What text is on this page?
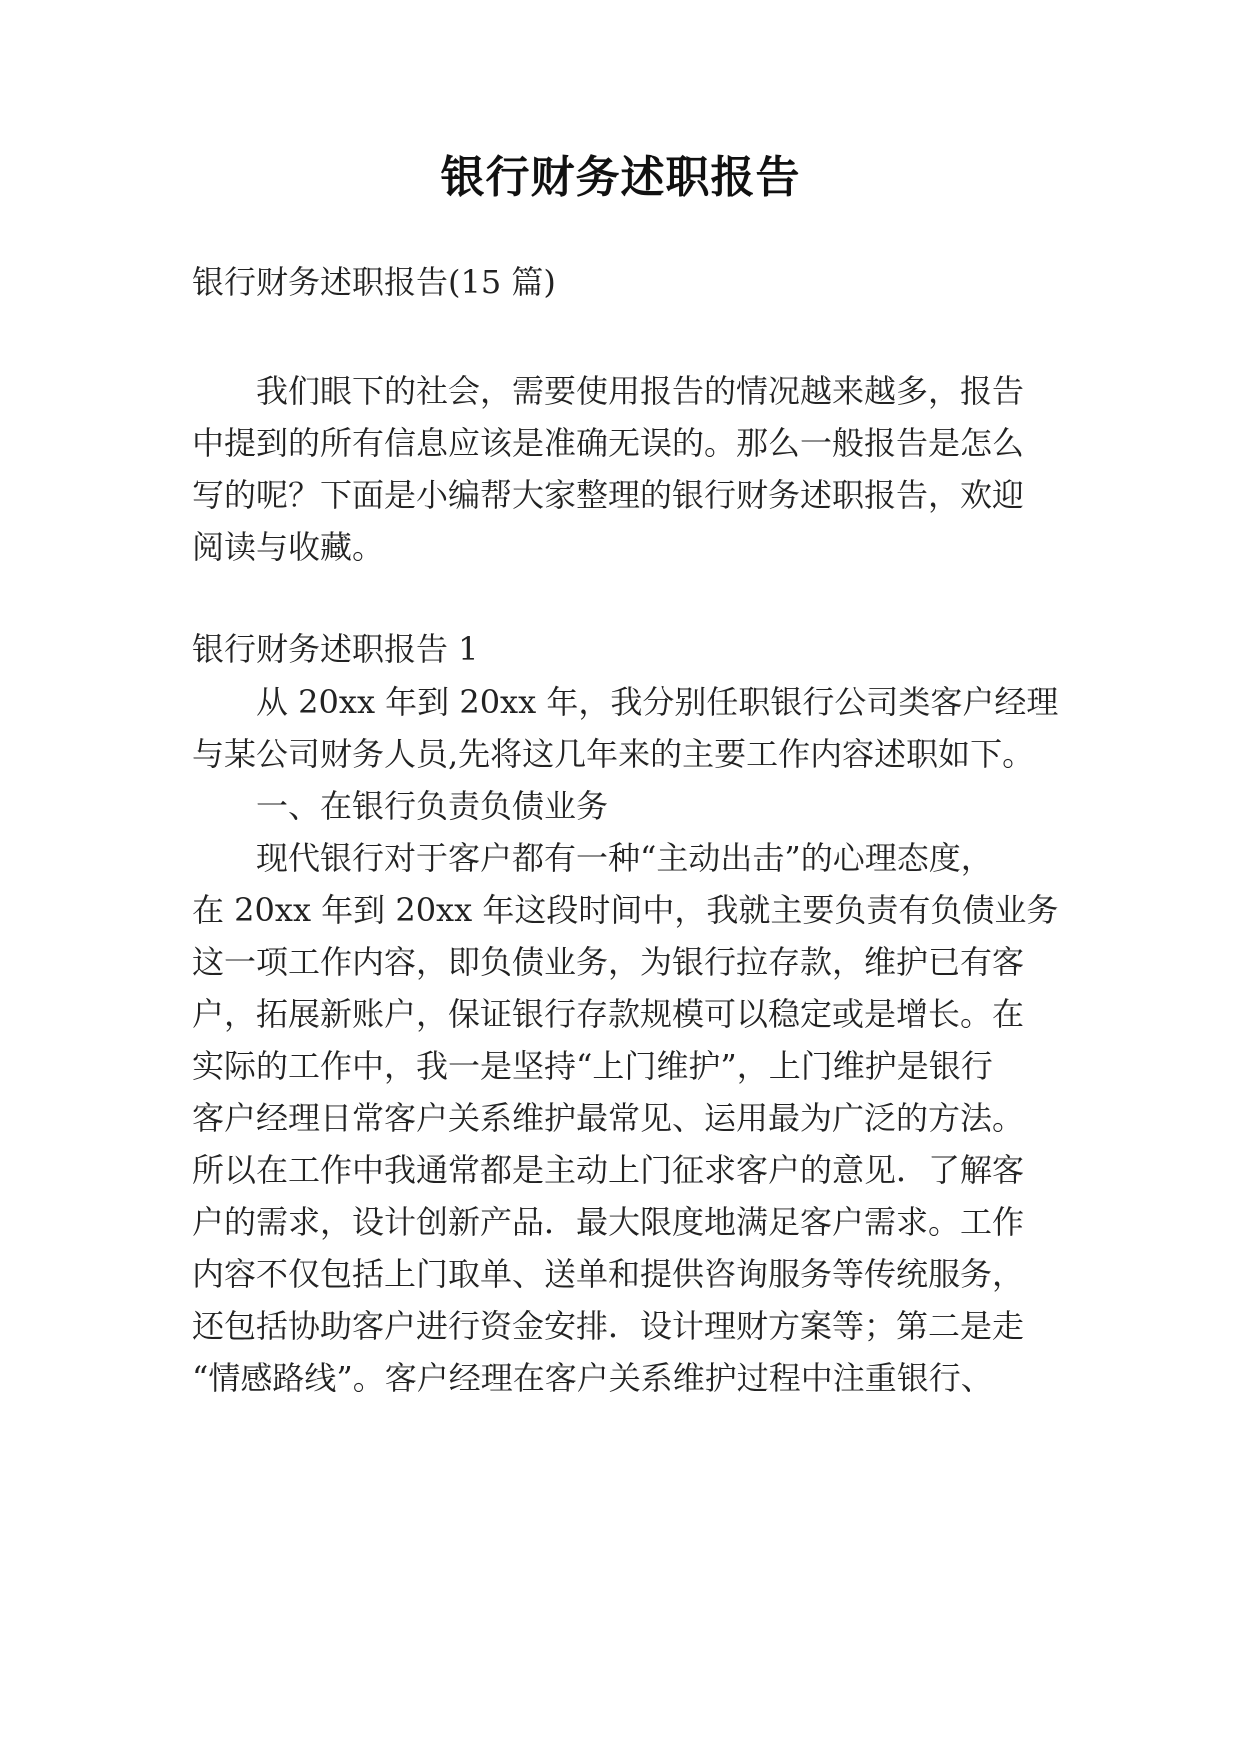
银行财务述职报告
银行财务述职报告(15 篇)
我们眼下的社会，需要使用报告的情况越来越多，报告
中提到的所有信息应该是准确无误的。那么一般报告是怎么
写的呢？下面是小编帮大家整理的银行财务述职报告，欢迎
阅读与收藏。
银行财务述职报告 1
从 20xx 年到 20xx 年，我分别任职银行公司类客户经理
与某公司财务人员,先将这几年来的主要工作内容述职如下。
一、在银行负责负债业务
现代银行对于客户都有一种“主动出击”的心理态度，
在 20xx 年到 20xx 年这段时间中，我就主要负责有负债业务
这一项工作内容，即负债业务，为银行拉存款，维护已有客
户，拓展新账户，保证银行存款规模可以稳定或是增长。在
实际的工作中，我一是坚持“上门维护”，上门维护是银行
客户经理日常客户关系维护最常见、运用最为广泛的方法。
所以在工作中我通常都是主动上门征求客户的意见．了解客
户的需求，设计创新产品．最大限度地满足客户需求。工作
内容不仅包括上门取单、送单和提供咨询服务等传统服务，
还包括协助客户进行资金安排．设计理财方案等；第二是走
“情感路线”。客户经理在客户关系维护过程中注重银行、
